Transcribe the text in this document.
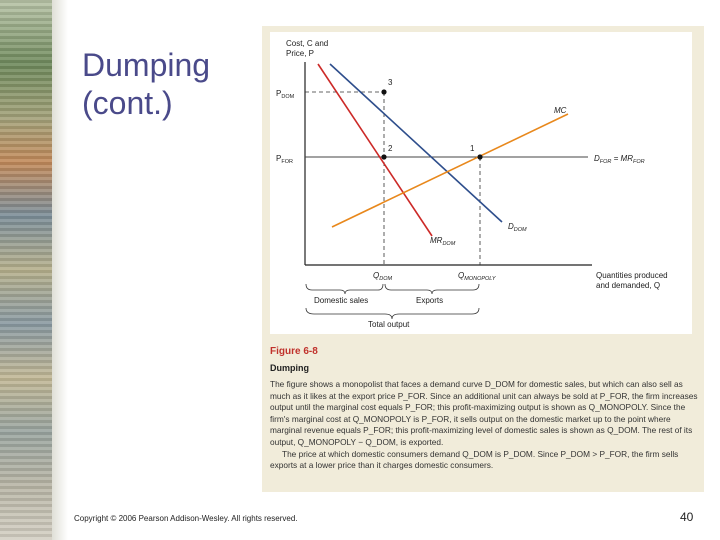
Dumping
(cont.)
3
2	1
Cost, C and
Price, P
$P_{DOM}$
$P_{FOR}$
MC
$D_{DOM}$
$MR_{DOM}$
$D_{FOR} = MR_{FOR}$
$Q_{DOM}$	$Q_{MONOPOLY}$	Quantities produced
and demanded, Q
Domestic sales	Exports
Total output
Figure 6-8
Dumping

The figure shows a monopolist that faces a demand curve D_DOM for domestic sales, but which can also sell as much as it likes at the export price P_FOR. Since an additional unit can always be sold at P_FOR, the firm increases output until the marginal cost equals P_FOR; this profit-maximizing output is shown as Q_MONOPOLY. Since the firm's marginal cost at Q_MONOPOLY is P_FOR, it sells output on the domestic market up to the point where marginal revenue equals P_FOR; this profit-maximizing level of domestic sales is shown as Q_DOM. The rest of its output, Q_MONOPOLY − Q_DOM, is exported.

The price at which domestic consumers demand Q_DOM is P_DOM. Since P_DOM > P_FOR, the firm sells exports at a lower price than it charges domestic consumers.

Copyright © 2006 Pearson Addison-Wesley. All rights reserved.	40
